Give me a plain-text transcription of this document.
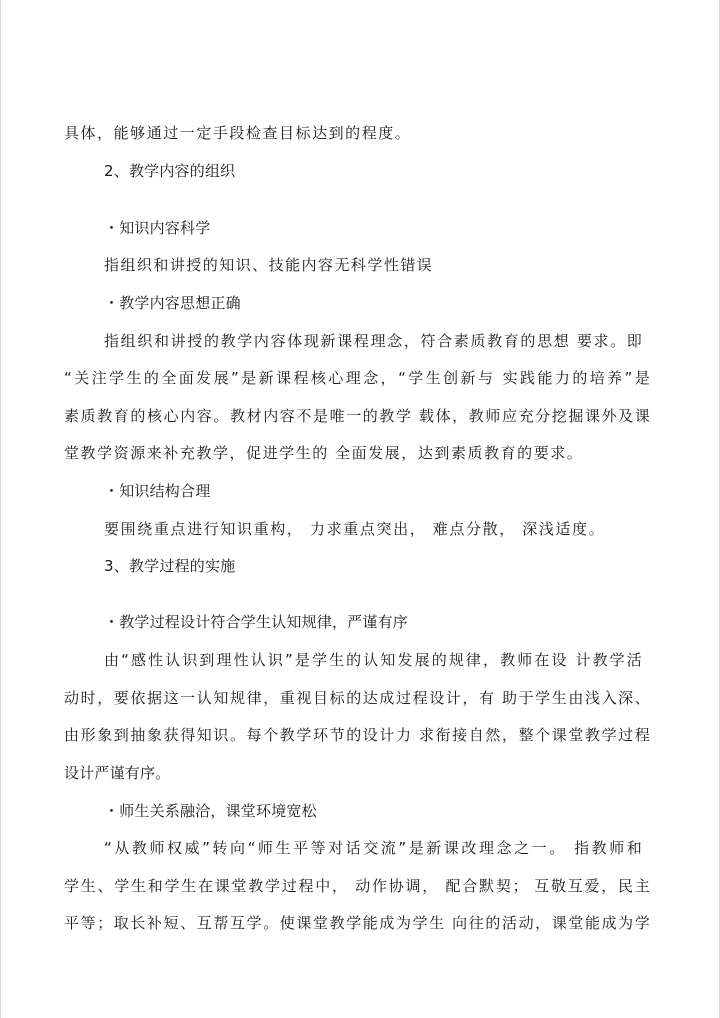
具体，能够通过一定手段检查目标达到的程度。
2、教学内容的组织
・知识内容科学
指组织和讲授的知识、技能内容无科学性错误
・教学内容思想正确
指组织和讲授的教学内容体现新课程理念，符合素质教育的思想 要求。即
“关注学生的全面发展”是新课程核心理念，“学生创新与 实践能力的培养”是
素质教育的核心内容。教材内容不是唯一的教学 载体，教师应充分挖掘课外及课
堂教学资源来补充教学，促进学生的 全面发展，达到素质教育的要求。
・知识结构合理
要围绕重点进行知识重构， 力求重点突出， 难点分散， 深浅适度。
3、教学过程的实施
・教学过程设计符合学生认知规律，严谨有序
由“感性认识到理性认识”是学生的认知发展的规律，教师在设 计教学活
动时，要依据这一认知规律，重视目标的达成过程设计，有 助于学生由浅入深、
由形象到抽象获得知识。每个教学环节的设计力 求衔接自然，整个课堂教学过程
设计严谨有序。
・师生关系融洽，课堂环境宽松
“从教师权威”转向“师生平等对话交流”是新课改理念之一。 指教师和
学生、学生和学生在课堂教学过程中， 动作协调， 配合默契； 互敬互爱，民主
平等；取长补短、互帮互学。使课堂教学能成为学生 向往的活动，课堂能成为学
